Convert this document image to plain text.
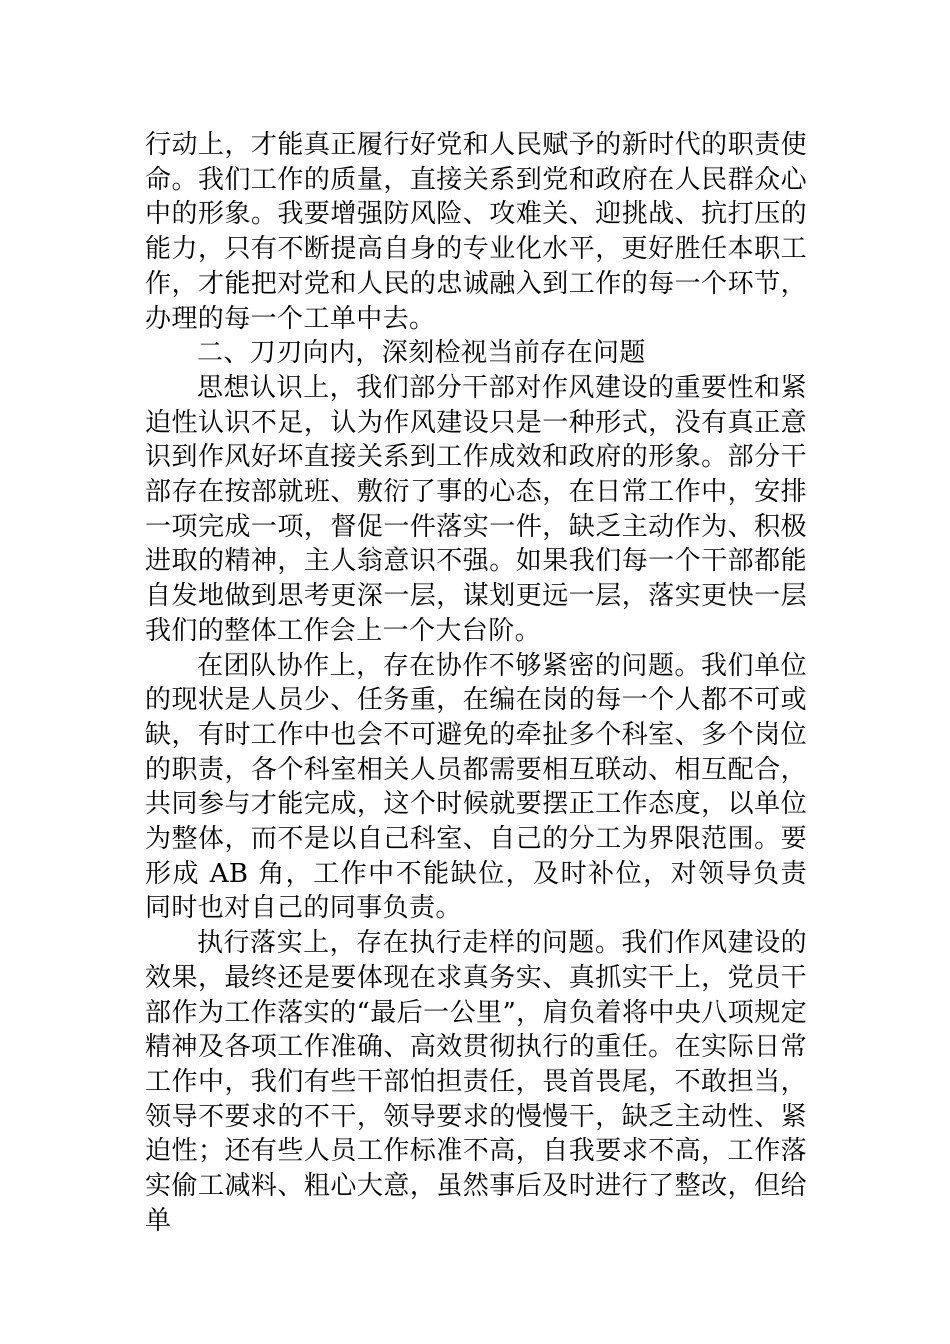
行动上，才能真正履行好党和人民赋予的新时代的职责使命。我们工作的质量，直接关系到党和政府在人民群众心中的形象。我要增强防风险、攻难关、迎挑战、抗打压的能力，只有不断提高自身的专业化水平，更好胜任本职工作，才能把对党和人民的忠诚融入到工作的每一个环节，办理的每一个工单中去。

二、刀刃向内，深刻检视当前存在问题

思想认识上，我们部分干部对作风建设的重要性和紧迫性认识不足，认为作风建设只是一种形式，没有真正意识到作风好坏直接关系到工作成效和政府的形象。部分干部存在按部就班、敷衍了事的心态，在日常工作中，安排一项完成一项，督促一件落实一件，缺乏主动作为、积极进取的精神，主人翁意识不强。如果我们每一个干部都能自发地做到思考更深一层，谋划更远一层，落实更快一层我们的整体工作会上一个大台阶。

在团队协作上，存在协作不够紧密的问题。我们单位的现状是人员少、任务重，在编在岗的每一个人都不可或缺，有时工作中也会不可避免的牵扯多个科室、多个岗位的职责，各个科室相关人员都需要相互联动、相互配合，共同参与才能完成，这个时候就要摆正工作态度，以单位为整体，而不是以自己科室、自己的分工为界限范围。要形成 AB 角，工作中不能缺位，及时补位，对领导负责同时也对自己的同事负责。

执行落实上，存在执行走样的问题。我们作风建设的效果，最终还是要体现在求真务实、真抓实干上，党员干部作为工作落实的“最后一公里”，肩负着将中央八项规定精神及各项工作准确、高效贯彻执行的重任。在实际日常工作中，我们有些干部怕担责任，畏首畏尾，不敢担当，领导不要求的不干，领导要求的慢慢干，缺乏主动性、紧迫性；还有些人员工作标准不高，自我要求不高，工作落实偷工减料、粗心大意，虽然事后及时进行了整改，但给单
